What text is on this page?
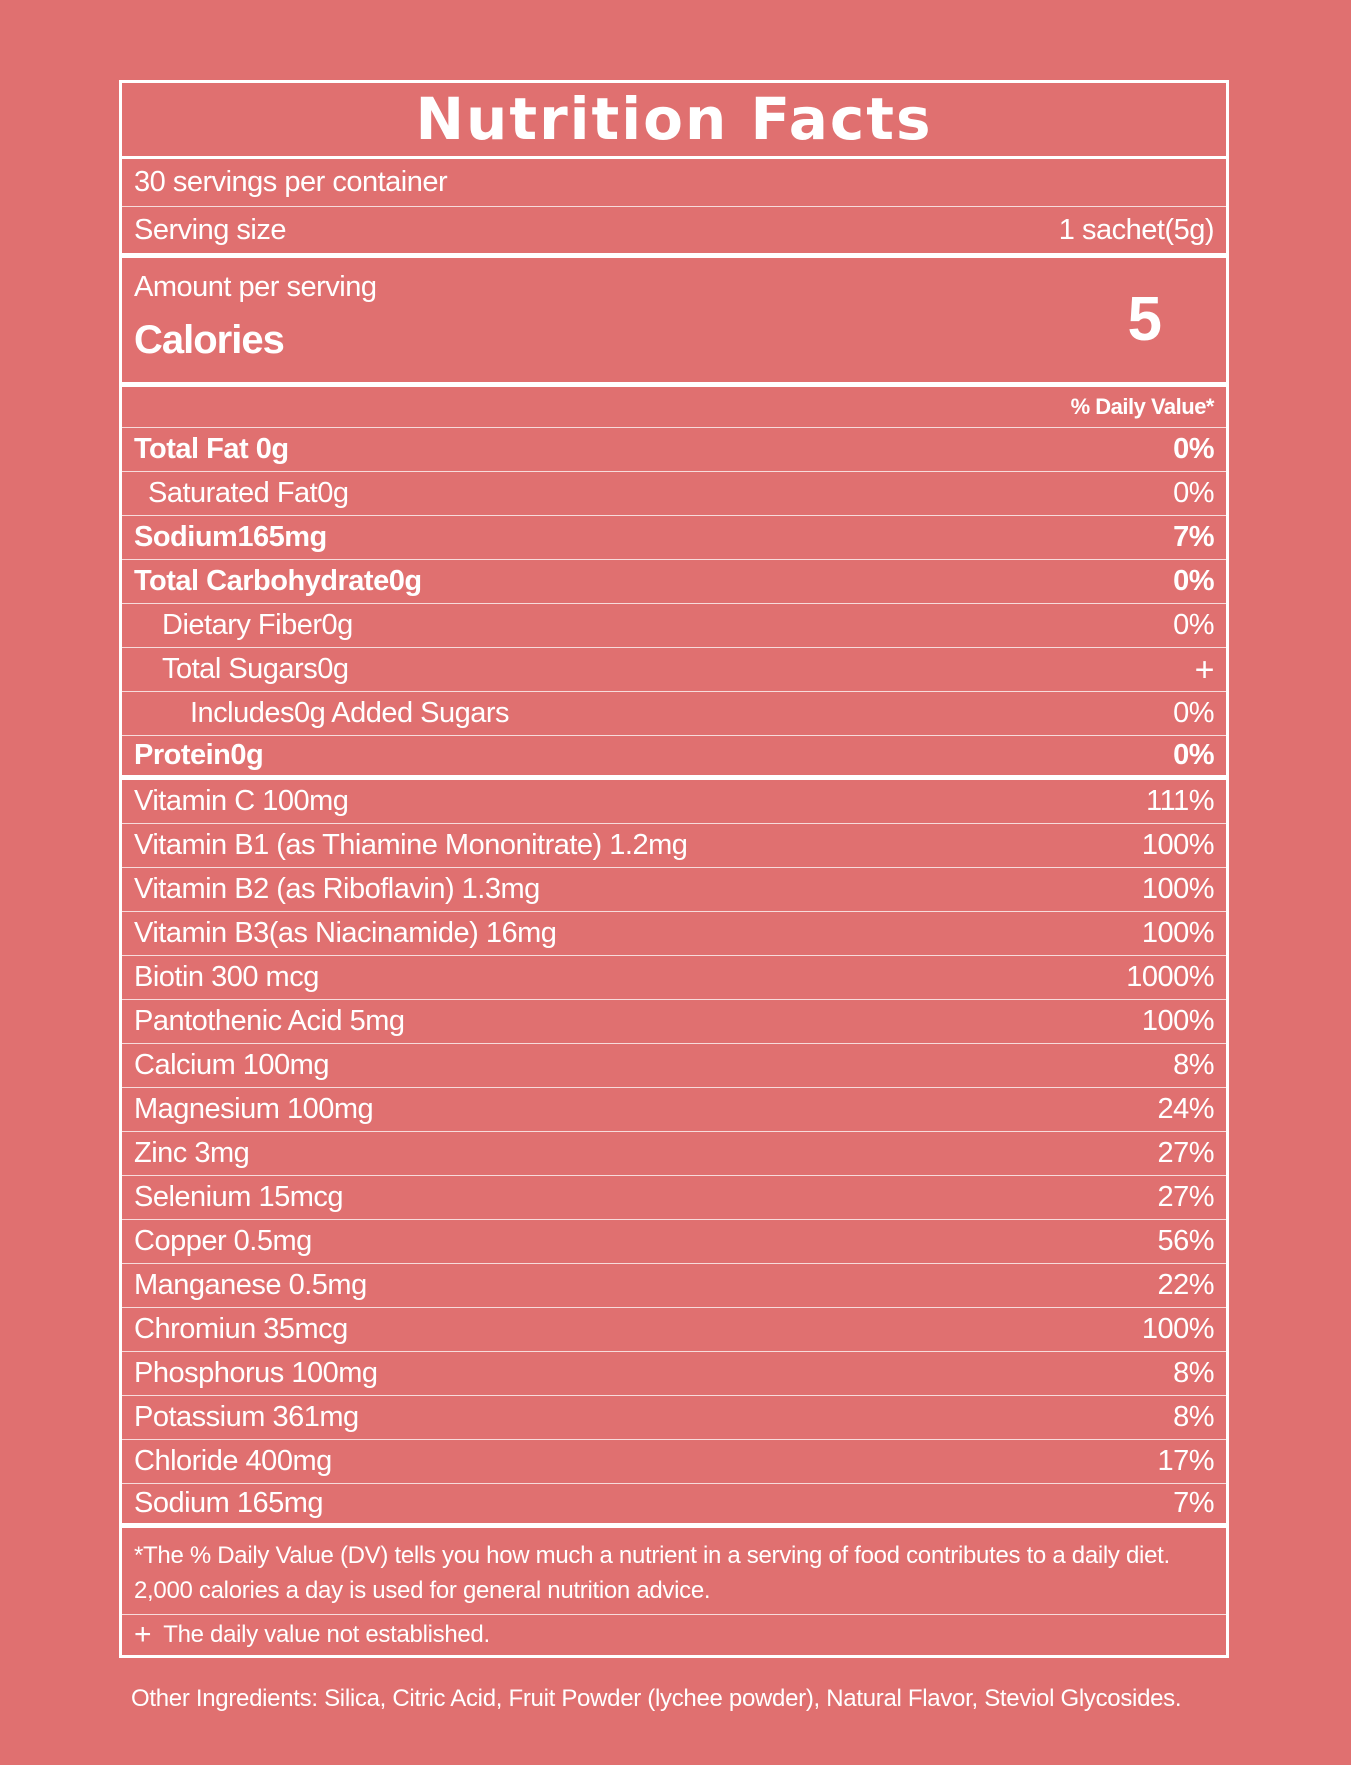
Nutrition Facts
30 servings per container
Serving size	1 sachet(5g)
Amount per serving
Calories	5
% Daily Value*
Total Fat 0g	0%
Saturated Fat0g	0%
Sodium165mg	7%
Total Carbohydrate0g	0%
Dietary Fiber0g	0%
Total Sugars0g	+
Includes0g Added Sugars	0%
Protein0g	0%
Vitamin C 100mg	111%
Vitamin B1 (as Thiamine Mononitrate) 1.2mg	100%
Vitamin B2 (as Riboflavin) 1.3mg	100%
Vitamin B3(as Niacinamide) 16mg	100%
Biotin 300 mcg	1000%
Pantothenic Acid 5mg	100%
Calcium 100mg	8%
Magnesium 100mg	24%
Zinc 3mg	27%
Selenium 15mcg	27%
Copper 0.5mg	56%
Manganese 0.5mg	22%
Chromiun 35mcg	100%
Phosphorus 100mg	8%
Potassium 361mg	8%
Chloride 400mg	17%
Sodium 165mg	7%
*The % Daily Value (DV) tells you how much a nutrient in a serving of food contributes to a daily diet. 2,000 calories a day is used for general nutrition advice.
+ The daily value not established.
Other Ingredients: Silica, Citric Acid, Fruit Powder (lychee powder), Natural Flavor, Steviol Glycosides.
